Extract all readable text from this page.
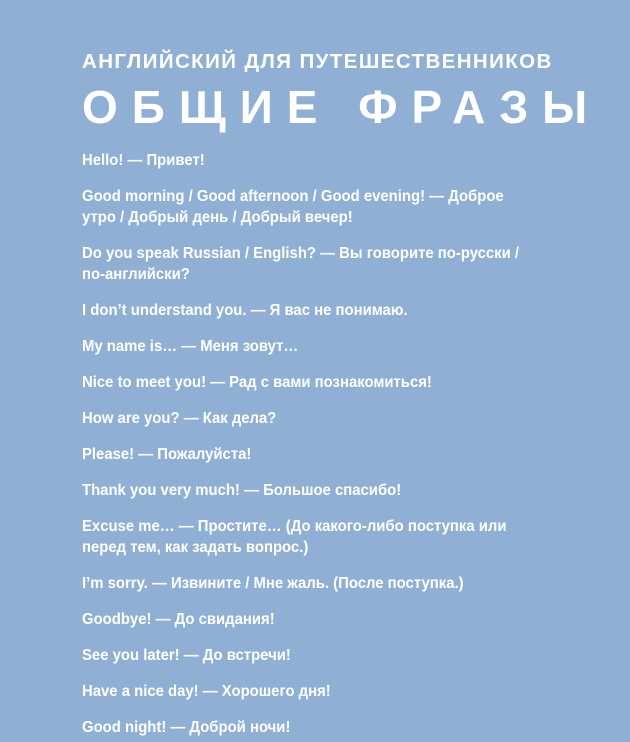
АНГЛИЙСКИЙ ДЛЯ ПУТЕШЕСТВЕННИКОВ
ОБЩИЕ ФРАЗЫ
Hello! — Привет!
Good morning / Good afternoon / Good evening! — Доброе утро / Добрый день / Добрый вечер!
Do you speak Russian / English? — Вы говорите по-русски / по-английски?
I don’t understand you. — Я вас не понимаю.
My name is… — Меня зовут…
Nice to meet you! — Рад с вами познакомиться!
How are you? — Как дела?
Please! — Пожалуйста!
Thank you very much! — Большое спасибо!
Excuse me… — Простите… (До какого-либо поступка или перед тем, как задать вопрос.)
I’m sorry. — Извините / Мне жаль. (После поступка.)
Goodbye! — До свидания!
See you later! — До встречи!
Have a nice day! — Хорошего дня!
Good night! — Доброй ночи!
